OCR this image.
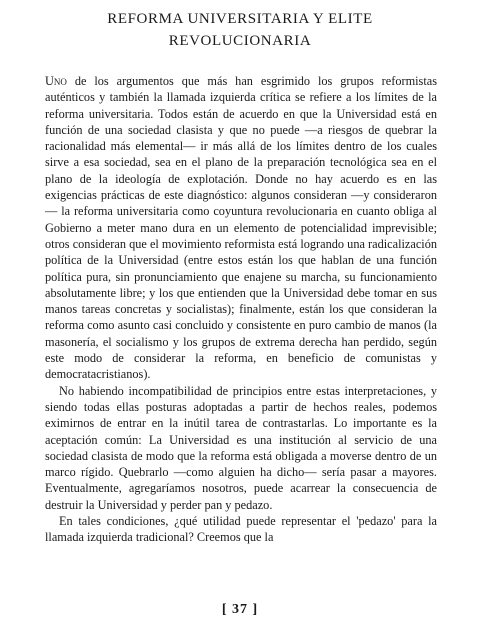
REFORMA UNIVERSITARIA Y ELITE
REVOLUCIONARIA

Uno de los argumentos que más han esgrimido los grupos reformistas auténticos y también la llamada izquierda crítica se refiere a los límites de la reforma universitaria. Todos están de acuerdo en que la Universidad está en función de una sociedad clasista y que no puede —a riesgos de quebrar la racionalidad más elemental— ir más allá de los límites dentro de los cuales sirve a esa sociedad, sea en el plano de la preparación tecnológica sea en el plano de la ideología de explotación. Donde no hay acuerdo es en las exigencias prácticas de este diagnóstico: algunos consideran —y consideraron— la reforma universitaria como coyuntura revolucionaria en cuanto obliga al Gobierno a meter mano dura en un elemento de potencialidad imprevisible; otros consideran que el movimiento reformista está logrando una radicalización política de la Universidad (entre estos están los que hablan de una función política pura, sin pronunciamiento que enajene su marcha, su funcionamiento absolutamente libre; y los que entienden que la Universidad debe tomar en sus manos tareas concretas y socialistas); finalmente, están los que consideran la reforma como asunto casi concluido y consistente en puro cambio de manos (la masonería, el socialismo y los grupos de extrema derecha han perdido, según este modo de considerar la reforma, en beneficio de comunistas y democratacristianos).

No habiendo incompatibilidad de principios entre estas interpretaciones, y siendo todas ellas posturas adoptadas a partir de hechos reales, podemos eximirnos de entrar en la inútil tarea de contrastarlas. Lo importante es la aceptación común: La Universidad es una institución al servicio de una sociedad clasista de modo que la reforma está obligada a moverse dentro de un marco rígido. Quebrarlo —como alguien ha dicho— sería pasar a mayores. Eventualmente, agregaríamos nosotros, puede acarrear la consecuencia de destruir la Universidad y perder pan y pedazo.

En tales condiciones, ¿qué utilidad puede representar el 'pedazo' para la llamada izquierda tradicional? Creemos que la

[ 37 ]
